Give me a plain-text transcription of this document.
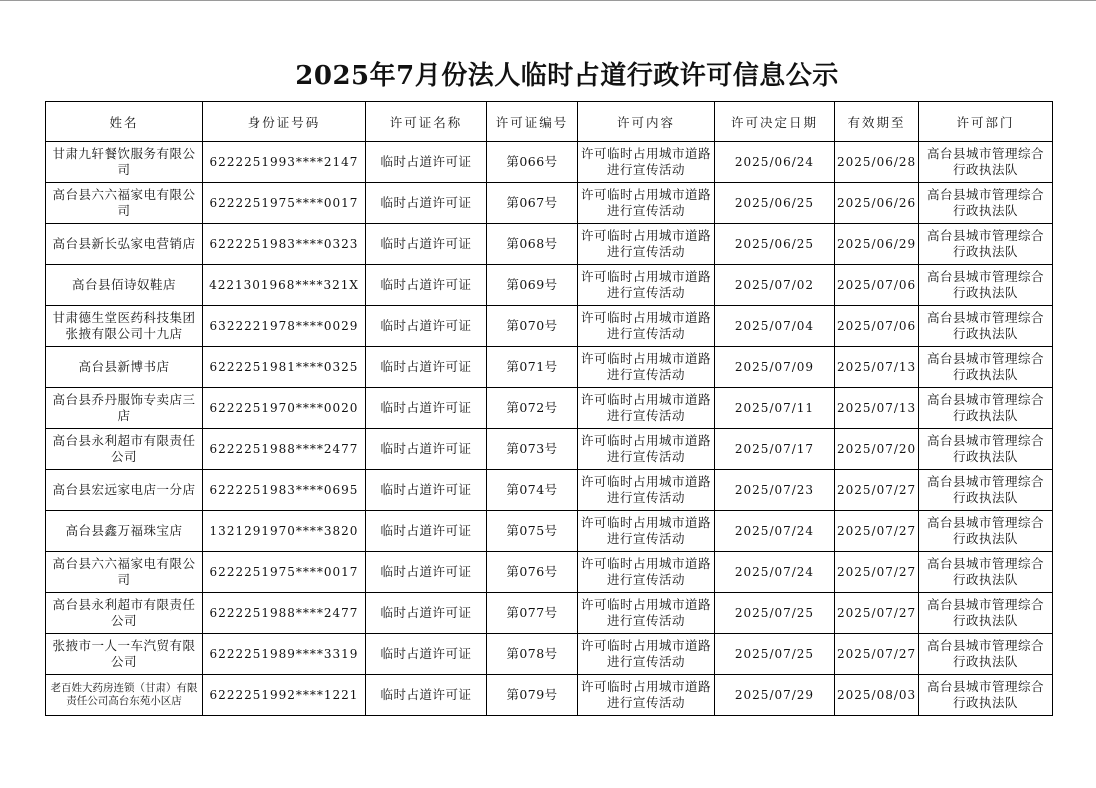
2025年7月份法人临时占道行政许可信息公示
姓名	身份证号码	许可证名称	许可证编号	许可内容	许可决定日期	有效期至	许可部门
甘肃九轩餐饮服务有限公司	6222251993****2147	临时占道许可证	第066号	许可临时占用城市道路进行宣传活动	2025/06/24	2025/06/28	高台县城市管理综合行政执法队
高台县六六福家电有限公司	6222251975****0017	临时占道许可证	第067号	许可临时占用城市道路进行宣传活动	2025/06/25	2025/06/26	高台县城市管理综合行政执法队
高台县新长弘家电营销店	6222251983****0323	临时占道许可证	第068号	许可临时占用城市道路进行宣传活动	2025/06/25	2025/06/29	高台县城市管理综合行政执法队
高台县佰诗奴鞋店	4221301968****321X	临时占道许可证	第069号	许可临时占用城市道路进行宣传活动	2025/07/02	2025/07/06	高台县城市管理综合行政执法队
甘肃德生堂医药科技集团张掖有限公司十九店	6322221978****0029	临时占道许可证	第070号	许可临时占用城市道路进行宣传活动	2025/07/04	2025/07/06	高台县城市管理综合行政执法队
高台县新博书店	6222251981****0325	临时占道许可证	第071号	许可临时占用城市道路进行宣传活动	2025/07/09	2025/07/13	高台县城市管理综合行政执法队
高台县乔丹服饰专卖店三店	6222251970****0020	临时占道许可证	第072号	许可临时占用城市道路进行宣传活动	2025/07/11	2025/07/13	高台县城市管理综合行政执法队
高台县永利超市有限责任公司	6222251988****2477	临时占道许可证	第073号	许可临时占用城市道路进行宣传活动	2025/07/17	2025/07/20	高台县城市管理综合行政执法队
高台县宏远家电店一分店	6222251983****0695	临时占道许可证	第074号	许可临时占用城市道路进行宣传活动	2025/07/23	2025/07/27	高台县城市管理综合行政执法队
高台县鑫万福珠宝店	1321291970****3820	临时占道许可证	第075号	许可临时占用城市道路进行宣传活动	2025/07/24	2025/07/27	高台县城市管理综合行政执法队
高台县六六福家电有限公司	6222251975****0017	临时占道许可证	第076号	许可临时占用城市道路进行宣传活动	2025/07/24	2025/07/27	高台县城市管理综合行政执法队
高台县永利超市有限责任公司	6222251988****2477	临时占道许可证	第077号	许可临时占用城市道路进行宣传活动	2025/07/25	2025/07/27	高台县城市管理综合行政执法队
张掖市一人一车汽贸有限公司	6222251989****3319	临时占道许可证	第078号	许可临时占用城市道路进行宣传活动	2025/07/25	2025/07/27	高台县城市管理综合行政执法队
老百姓大药房连锁（甘肃）有限责任公司高台东苑小区店	6222251992****1221	临时占道许可证	第079号	许可临时占用城市道路进行宣传活动	2025/07/29	2025/08/03	高台县城市管理综合行政执法队
